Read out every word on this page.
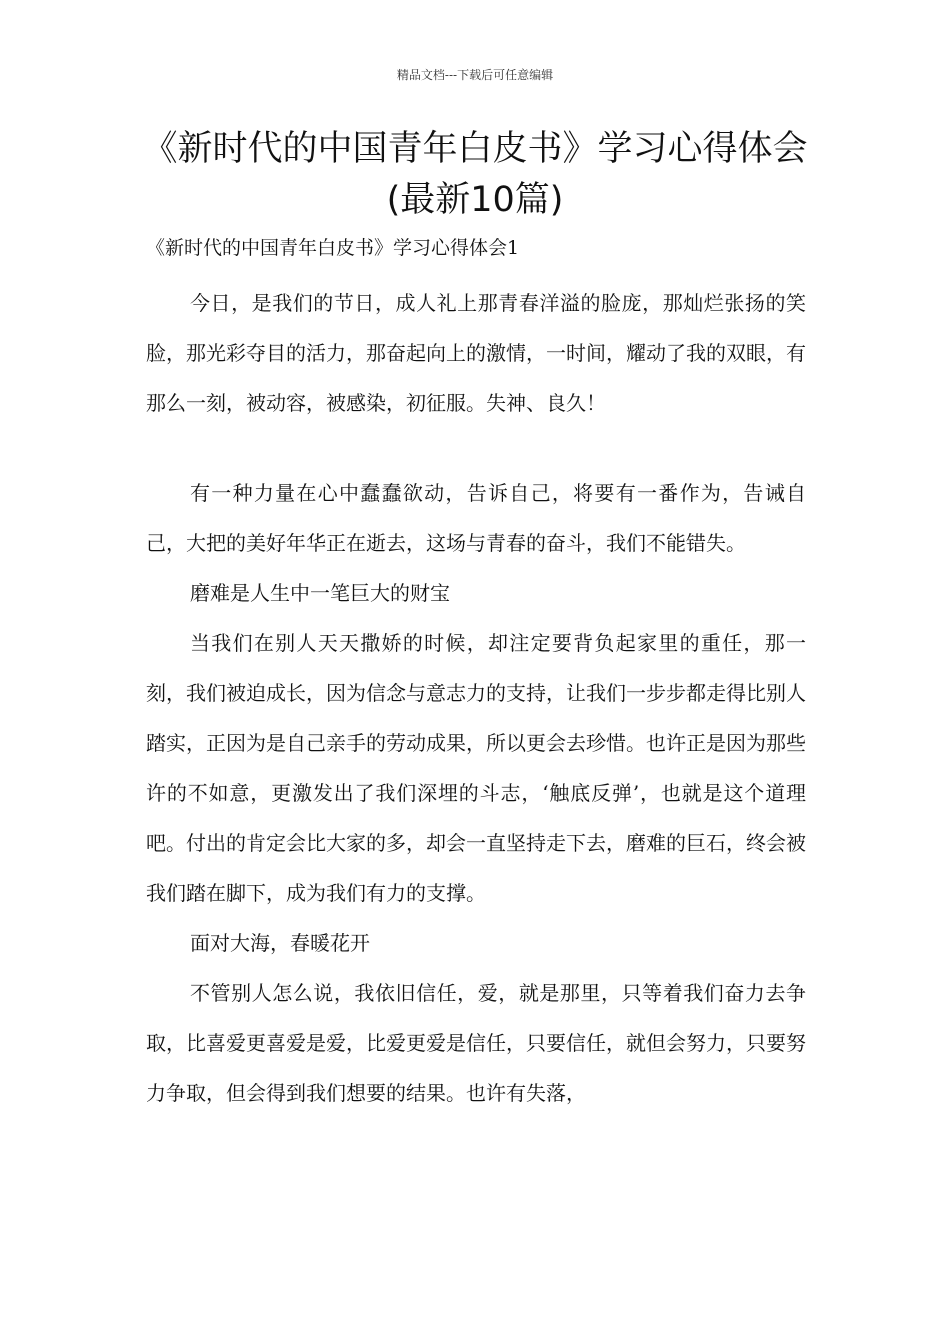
精品文档---下载后可任意编辑
《新时代的中国青年白皮书》学习心得体会(最新10篇)
《新时代的中国青年白皮书》学习心得体会1

今日，是我们的节日，成人礼上那青春洋溢的脸庞，那灿烂张扬的笑脸，那光彩夺目的活力，那奋起向上的激情，一时间，耀动了我的双眼，有那么一刻，被动容，被感染，初征服。失神、良久！

有一种力量在心中蠢蠢欲动，告诉自己，将要有一番作为，告诫自己，大把的美好年华正在逝去，这场与青春的奋斗，我们不能错失。

磨难是人生中一笔巨大的财宝

当我们在别人天天撒娇的时候，却注定要背负起家里的重任，那一刻，我们被迫成长，因为信念与意志力的支持，让我们一步步都走得比别人踏实，正因为是自己亲手的劳动成果，所以更会去珍惜。也许正是因为那些许的不如意，更激发出了我们深埋的斗志，‘触底反弹’，也就是这个道理吧。付出的肯定会比大家的多，却会一直坚持走下去，磨难的巨石，终会被我们踏在脚下，成为我们有力的支撑。

面对大海，春暖花开

不管别人怎么说，我依旧信任，爱，就是那里，只等着我们奋力去争取，比喜爱更喜爱是爱，比爱更爱是信任，只要信任，就但会努力，只要努力争取，但会得到我们想要的结果。也许有失落，
